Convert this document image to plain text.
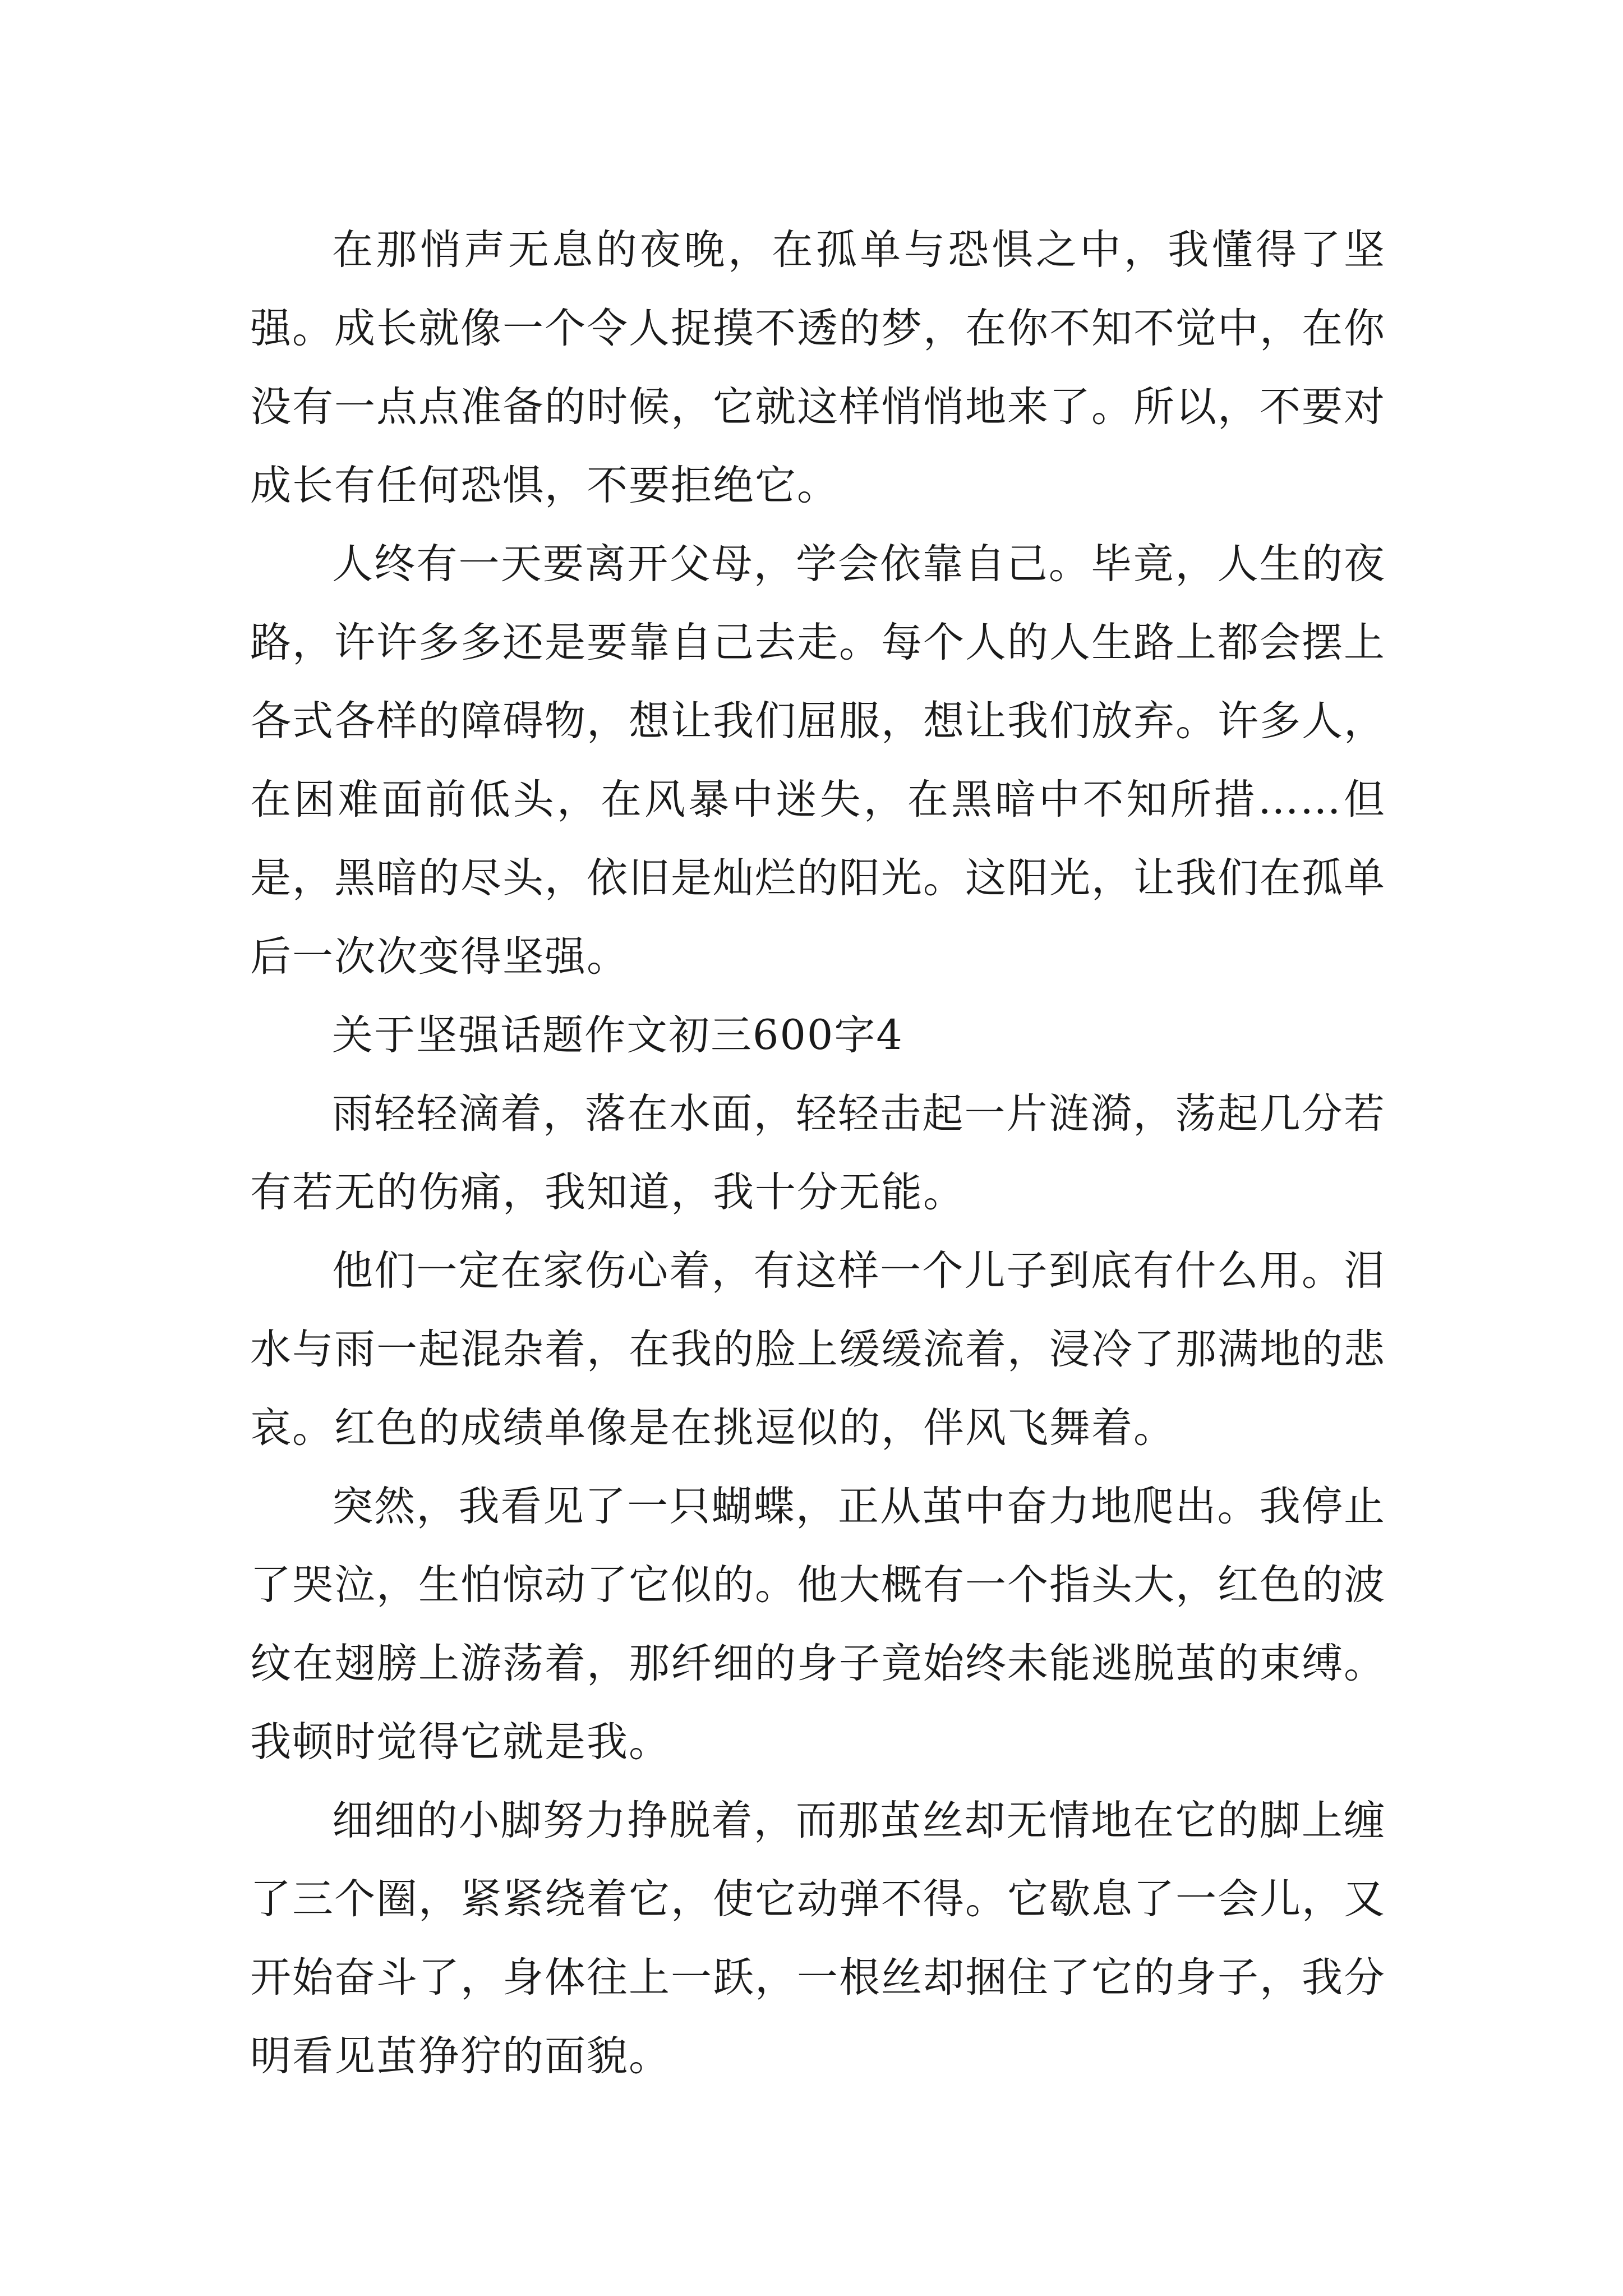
在那悄声无息的夜晚，在孤单与恐惧之中，我懂得了坚强。成长就像一个令人捉摸不透的梦，在你不知不觉中，在你没有一点点准备的时候，它就这样悄悄地来了。所以，不要对成长有任何恐惧，不要拒绝它。

人终有一天要离开父母，学会依靠自己。毕竟，人生的夜路，许许多多还是要靠自己去走。每个人的人生路上都会摆上各式各样的障碍物，想让我们屈服，想让我们放弃。许多人，在困难面前低头，在风暴中迷失，在黑暗中不知所措……但是，黑暗的尽头，依旧是灿烂的阳光。这阳光，让我们在孤单后一次次变得坚强。

关于坚强话题作文初三600字4

雨轻轻滴着，落在水面，轻轻击起一片涟漪，荡起几分若有若无的伤痛，我知道，我十分无能。

他们一定在家伤心着，有这样一个儿子到底有什么用。泪水与雨一起混杂着，在我的脸上缓缓流着，浸冷了那满地的悲哀。红色的成绩单像是在挑逗似的，伴风飞舞着。

突然，我看见了一只蝴蝶，正从茧中奋力地爬出。我停止了哭泣，生怕惊动了它似的。他大概有一个指头大，红色的波纹在翅膀上游荡着，那纤细的身子竟始终未能逃脱茧的束缚。我顿时觉得它就是我。

细细的小脚努力挣脱着，而那茧丝却无情地在它的脚上缠了三个圈，紧紧绕着它，使它动弹不得。它歇息了一会儿，又开始奋斗了，身体往上一跃，一根丝却捆住了它的身子，我分明看见茧狰狞的面貌。
